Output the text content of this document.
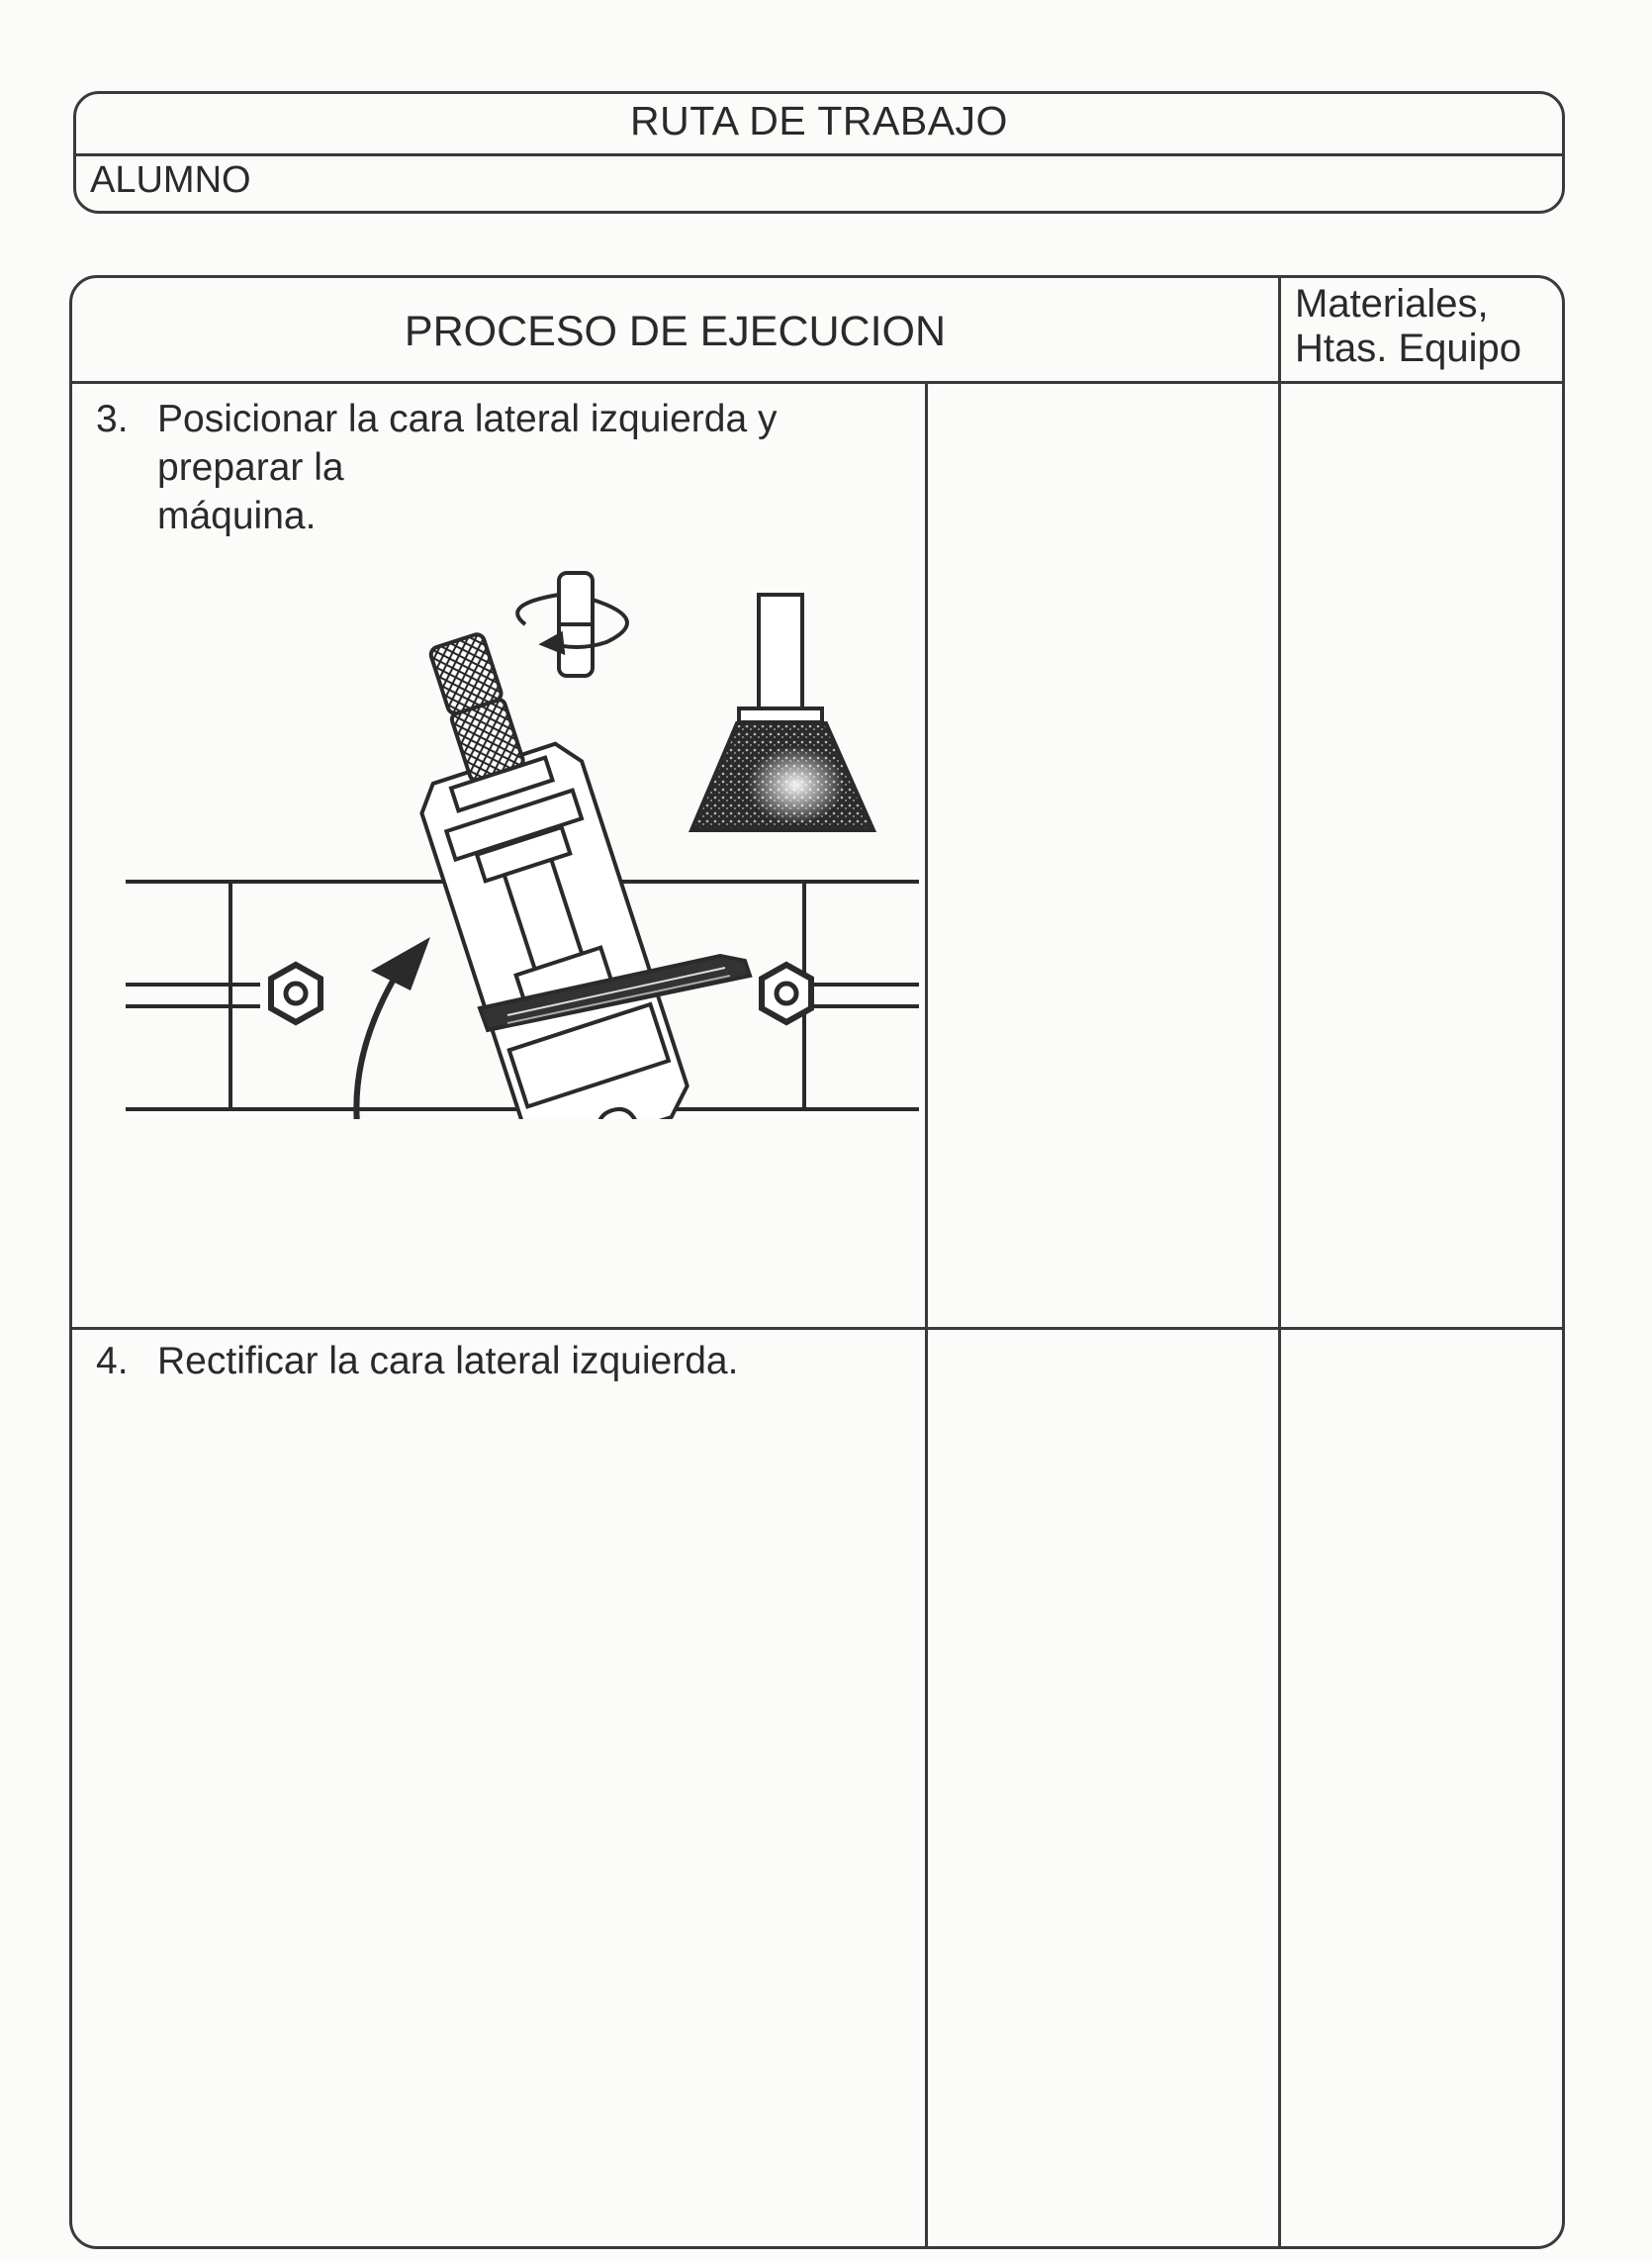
RUTA DE TRABAJO
ALUMNO
PROCESO DE EJECUCION
Materiales,
Htas. Equipo
3. Posicionar la cara lateral izquierda y
preparar la
máquina.
4. Rectificar la cara lateral izquierda.
